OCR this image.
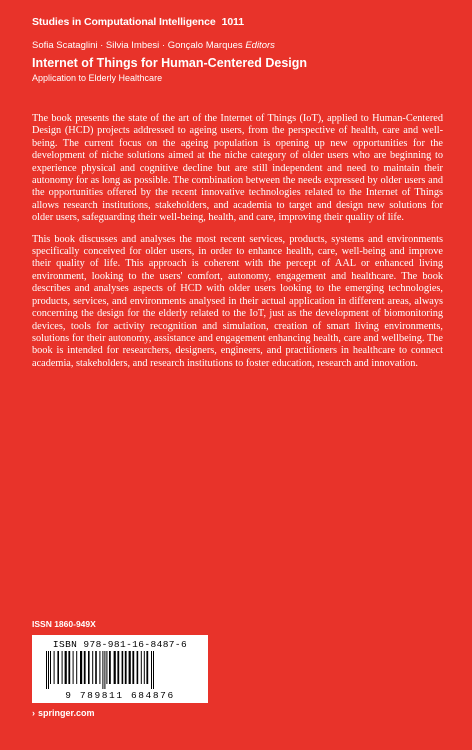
Studies in Computational Intelligence 1011
Sofia Scataglini · Silvia Imbesi · Gonçalo Marques Editors
Internet of Things for Human-Centered Design
Application to Elderly Healthcare

The book presents the state of the art of the Internet of Things (IoT), applied to Human-Centered Design (HCD) projects addressed to ageing users, from the perspective of health, care and well-being. The current focus on the ageing population is opening up new opportunities for the development of niche solutions aimed at the niche category of older users who are beginning to experience physical and cognitive decline but are still independent and need to maintain their autonomy for as long as possible. The combination between the needs expressed by older users and the opportunities offered by the recent innovative technologies related to the Internet of Things allows research institutions, stakeholders, and academia to target and design new solutions for older users, safeguarding their well-being, health, and care, improving their quality of life.

This book discusses and analyses the most recent services, products, systems and environments specifically conceived for older users, in order to enhance health, care, well-being and improve their quality of life. This approach is coherent with the percept of AAL or enhanced living environment, looking to the users' comfort, autonomy, engagement and healthcare. The book describes and analyses aspects of HCD with older users looking to the emerging technologies, products, services, and environments analysed in their actual application in different areas, always concerning the design for the elderly related to the IoT, just as the development of biomonitoring devices, tools for activity recognition and simulation, creation of smart living environments, solutions for their autonomy, assistance and engagement enhancing health, care and wellbeing. The book is intended for researchers, designers, engineers, and practitioners in healthcare to connect academia, stakeholders, and research institutions to foster education, research and innovation.

ISSN 1860-949X
ISBN 978-981-16-8487-6
9 789811 684876
› springer.com
